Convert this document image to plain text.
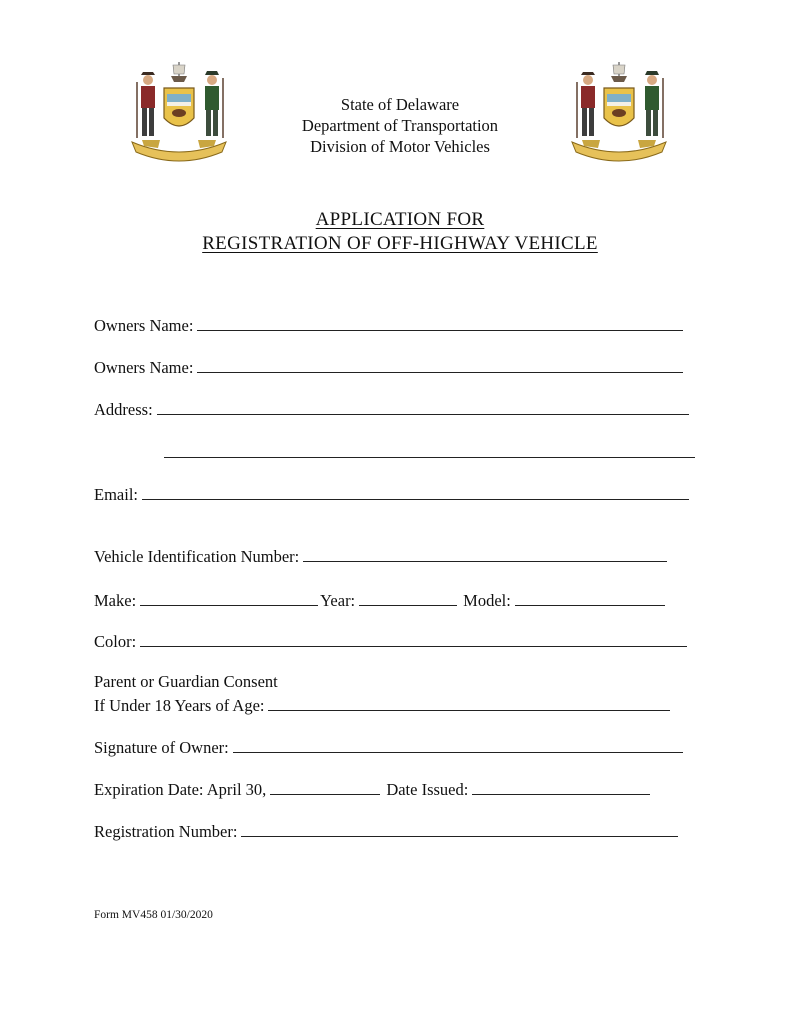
State of Delaware
Department of Transportation
Division of Motor Vehicles
APPLICATION FOR
REGISTRATION OF OFF-HIGHWAY VEHICLE
Owners Name:
Owners Name:
Address:
Email:
Vehicle Identification Number:
Make:	Year:	Model:
Color:
Parent or Guardian Consent
If Under 18 Years of Age:
Signature of Owner:
Expiration Date: April 30,	Date Issued:
Registration Number:
Form MV458 01/30/2020
